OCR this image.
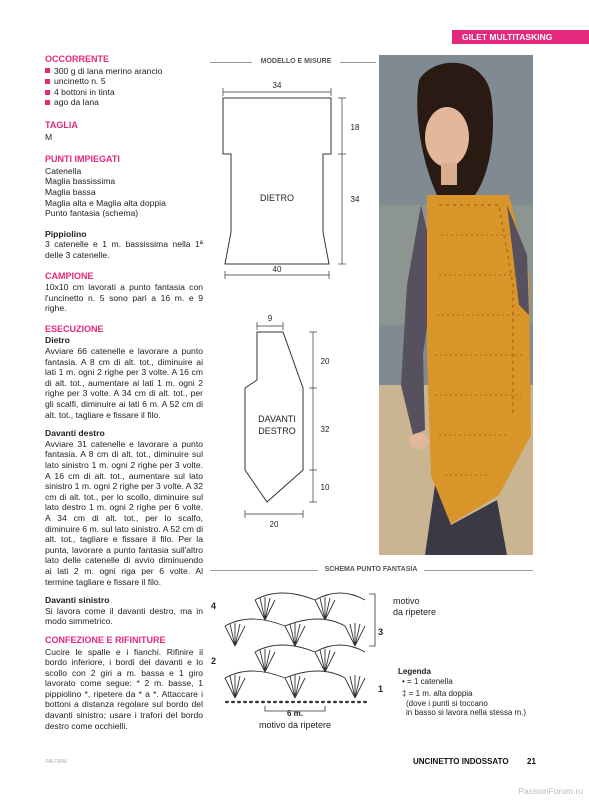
GILET MULTITASKING
OCCORRENTE
300 g di lana merino arancio
uncinetto n. 5
4 bottoni in tinta
ago da lana
TAGLIA

M

PUNTI IMPIEGATI

Catenella

Maglia bassissima

Maglia bassa

Maglia alta e Maglia alta doppia

Punto fantasia (schema)

Pippiolino

3 catenelle e 1 m. bassissima nella 1ª delle 3 catenelle.

CAMPIONE

10x10 cm lavorati a punto fantasia con l'uncinetto n. 5 sono pari a 16 m. e 9 righe.

ESECUZIONE
Dietro

Avviare 66 catenelle e lavorare a punto fantasia. A 8 cm di alt. tot., diminuire ai lati 1 m. ogni 2 righe per 3 volte. A 16 cm di alt. tot., aumentare ai lati 1 m. ogni 2 righe per 3 volte. A 34 cm di alt. tot., per gli scalfi, diminuire ai lati 6 m. A 52 cm di alt. tot., tagliare e fissare il filo.

Davanti destro

Avviare 31 catenelle e lavorare a punto fantasia. A 8 cm di alt. tot., diminuire sul lato sinistro 1 m. ogni 2 righe per 3 volte. A 16 cm di alt. tot., aumentare sul lato sinistro 1 m. ogni 2 righe per 3 volte. A 32 cm di alt. tot., per lo scollo, diminuire sul lato destro 1 m. ogni 2 righe per 6 volte. A 34 cm di alt. tot., per lo scalfo, diminuire 6 m. sul lato sinistro. A 52 cm di alt. tot., tagliare e fissare il filo. Per la punta, lavorare a punto fantasia sull'altro lato delle catenelle di avvio diminuendo ai lati 2 m. ogni riga per 6 volte. Al termine tagliare e fissare il filo.

Davanti sinistro

Si lavora come il davanti destro, ma in modo simmetrico.

CONFEZIONE E RIFINITURE

Cucire le spalle e i fianchi. Rifinire il bordo inferiore, i bordi dei davanti e lo scollo con 2 giri a m. bassa e 1 giro lavorato come segue: * 2 m. basse, 1 pippiolino *, ripetere da * a *. Attaccare i bottoni a distanza regolare sul bordo del davanti sinistro; usare i trafori del bordo destro come occhielli.

MODELLO E MISURE
34
DIETRO
18
34
40
9
DAVANTI
DESTRO
20
32
10
20
SCHEMA PUNTO FANTASIA
4
3
2
1
motivo
da ripetere
6 m.
motivo da ripetere
Legenda
• = 1 catenella
‡ = 1 m. alta doppia
(dove i punti si toccano
in basso si lavora nella stessa m.)
©ALTRIM	UNCINETTO INDOSSATO 21
PassionForum.ru
